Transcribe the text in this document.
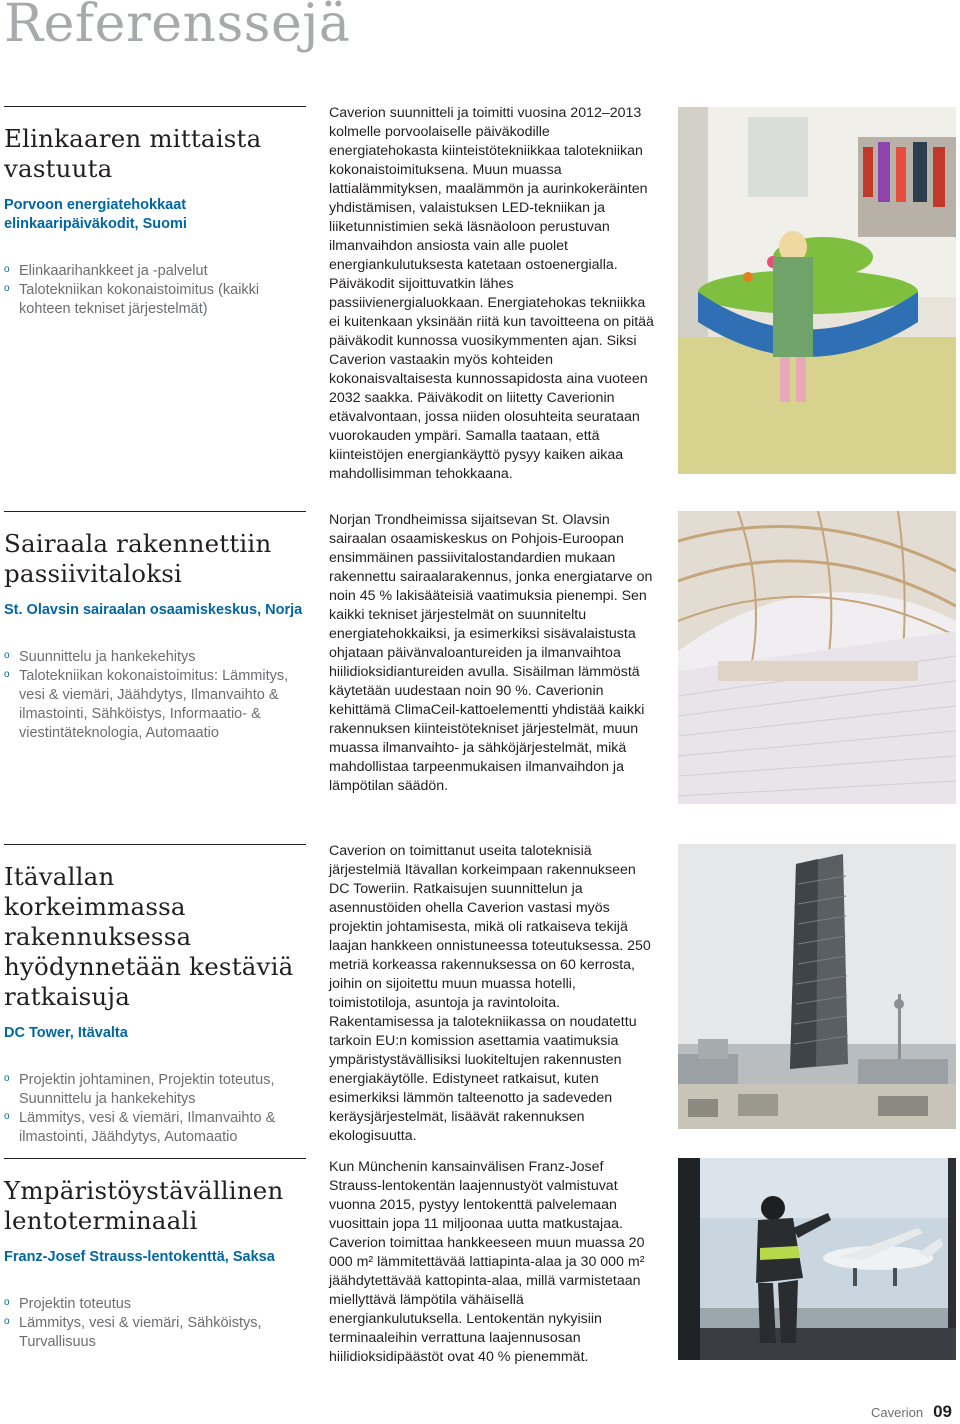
Referenssejä
Elinkaaren mittaista vastuuta

Porvoon energiatehokkaat elinkaaripäiväkodit, Suomi

o Elinkaarihankkeet ja -palvelut
o Talotekniikan kokonaistoimitus (kaikki kohteen tekniset järjestelmät)

Caverion suunnitteli ja toimitti vuosina 2012–2013 kolmelle porvoolaiselle päiväkodille energiatehokasta kiinteistötekniikkaa talotekniikan kokonaistoimituksena. Muun muassa lattialämmityksen, maalämmön ja aurinkokeräinten yhdistämisen, valaistuksen LED-tekniikan ja liiketunnistimien sekä läsnäoloon perustuvan ilmanvaihdon ansiosta vain alle puolet energiankulutuksesta katetaan ostoenergialla. Päiväkodit sijoittuvatkin lähes passiivienergialuokkaan. Energiatehokas tekniikka ei kuitenkaan yksinään riitä kun tavoitteena on pitää päiväkodit kunnossa vuosikymmenten ajan. Siksi Caverion vastaakin myös kohteiden kokonaisvaltaisesta kunnossapidosta aina vuoteen 2032 saakka. Päiväkodit on liitetty Caverionin etävalvontaan, jossa niiden olosuhteita seurataan vuorokauden ympäri. Samalla taataan, että kiinteistöjen energiankäyttö pysyy kaiken aikaa mahdollisimman tehokkaana.

Sairaala rakennettiin passiivitaloksi

St. Olavsin sairaalan osaamiskeskus, Norja

o Suunnittelu ja hankekehitys
o Talotekniikan kokonaistoimitus: Lämmitys, vesi & viemäri, Jäähdytys, Ilmanvaihto & ilmastointi, Sähköistys, Informaatio- & viestintäteknologia, Automaatio

Norjan Trondheimissa sijaitsevan St. Olavsin sairaalan osaamiskeskus on Pohjois-Euroopan ensimmäinen passiivitalostandardien mukaan rakennettu sairaalarakennus, jonka energiatarve on noin 45 % lakisääteisiä vaatimuksia pienempi. Sen kaikki tekniset järjestelmät on suunniteltu energiatehokkaiksi, ja esimerkiksi sisävalaistusta ohjataan päivänvaloantureiden ja ilmanvaihtoa hiilidioksidiantureiden avulla. Sisäilman lämmöstä käytetään uudestaan noin 90 %. Caverionin kehittämä ClimaCeil-kattoelementti yhdistää kaikki rakennuksen kiinteistötekniset järjestelmät, muun muassa ilmanvaihto- ja sähköjärjestelmät, mikä mahdollistaa tarpeenmukaisen ilmanvaihdon ja lämpötilan säädön.

Itävallan korkeimmassa rakennuksessa hyödynnetään kestäviä ratkaisuja

DC Tower, Itävalta

o Projektin johtaminen, Projektin toteutus, Suunnittelu ja hankekehitys
o Lämmitys, vesi & viemäri, Ilmanvaihto & ilmastointi, Jäähdytys, Automaatio

Caverion on toimittanut useita taloteknisiä järjestelmiä Itävallan korkeimpaan rakennukseen DC Toweriin. Ratkaisujen suunnittelun ja asennustöiden ohella Caverion vastasi myös projektin johtamisesta, mikä oli ratkaiseva tekijä laajan hankkeen onnistuneessa toteutuksessa. 250 metriä korkeassa rakennuksessa on 60 kerrosta, joihin on sijoitettu muun muassa hotelli, toimistotiloja, asuntoja ja ravintoloita. Rakentamisessa ja talotekniikassa on noudatettu tarkoin EU:n komission asettamia vaatimuksia ympäristystävällisiksi luokiteltujen rakennusten energiakäytölle. Edistyneet ratkaisut, kuten esimerkiksi lämmön talteenotto ja sadeveden keräysjärjestelmät, lisäävät rakennuksen ekologisuutta.

Ympäristöystävällinen lentoterminaali

Franz-Josef Strauss-lentokenttä, Saksa

o Projektin toteutus
o Lämmitys, vesi & viemäri, Sähköistys, Turvallisuus

Kun Münchenin kansainvälisen Franz-Josef Strauss-lentokentän laajennustyöt valmistuvat vuonna 2015, pystyy lentokenttä palvelemaan vuosittain jopa 11 miljoonaa uutta matkustajaa. Caverion toimittaa hankkeeseen muun muassa 20 000 m² lämmitettävää lattiapinta-alaa ja 30 000 m² jäähdytettävää kattopinta-alaa, millä varmistetaan miellyttävä lämpötila vähäisellä energiankulutuksella. Lentokentän nykyisiin terminaaleihin verrattuna laajennusosan hiilidioksidipäästöt ovat 40 % pienemmät.

Caverion 09
